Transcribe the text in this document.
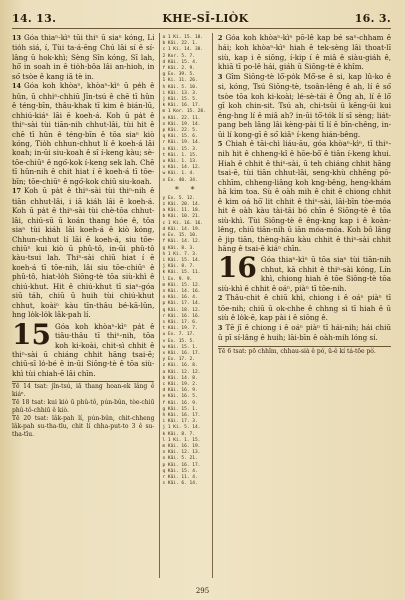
14. 13.	KHE-SĪ-LIÒK	16. 3.

13 Góa thiaⁿ-kìⁿ tūi thiⁿ ū siaⁿ kóng, Lí tio̍h siá, í, Tùi ta-á-ēng Chú lâi sí ê sí-lâng ū hok-khì; Sèng Sîn kóng, Sī lah, hō͘ in soah in ê tio̍h-bôa lâi an-hioh, in só͘ tsòe ê kang iā tè in.

14 Góa koh khòaⁿ, khòaⁿ-kìⁿ ū pe̍h ê hûn, ū chhiⁿ-chhiū Jîn-tsú ê chē tī hûn ê téng-bīn, thâu-khak tī kim ê bián-lū, chhiú-kiáⁿ lāi ē koeh-á. Koh ū pa̍t ê thiⁿ-sài tùi tiān-nih chhut-lâi, tùi hit ê chē tī hûn ê téng-bīn ê tōa siaⁿ kiò kóng, Tio̍h chhun-chhut lí ê koeh-á lâi koah; in-ūi siu-koah ê sî í-keng kàu; sè-tōe-chiūⁿ ê ngó͘-kok í-keng sek lah. Chē tī hûn-nih ê chit hiat í ē koeh-á tī tōe-bīn; tōe-chiūⁿ ê ngó͘-kok chiū siu-koah.

17 Koh ū pa̍t ê thiⁿ-sài tùi thiⁿ-nih ê tiān chhut-lâi, i iā kiáh lâi ē koeh-á. Koh ū pa̍t ê thiⁿ-sài tùi chè-tōa chhut-lâi, chiú-sū ū koán thang hóe ê, tōa siaⁿ tùi kiáh lāi koeh-á ê kiò kóng, Chhun-chhut lí lāi ē koeh-á, siu tōe-chiūⁿ kui kiò ū phû-tô, in-ūi phû-tô kàu-tsui lah. Thiⁿ-sài chiū hiat í ē koeh-á tī tōe-nih, lâi siu tōe-chiūⁿ ê phû-tô, hiat-lo̍h Siōng-tè tōa siù-khì ê chiú-khut. Hit ê chiú-khut tī siaⁿ-góa siū táh, chiū ū huih tùi chiú-khut chhut, koàiⁿ kàu tīn-thâu bé-kā-lūn, hng lo̍k-lo̍k lâk-pah lí.

15 Góa koh khòaⁿ-kìⁿ pa̍t ê tiâu-thâu tī thiⁿ-nih, tōa koh ki-koài, chit-sì chhit ê thiⁿ-sài ū chiáng chhit hāng tsai-ē; chiū-sī lo̍-bé ê in-ūi Siōng-tè ê tōa siù-khì tùi chiah-ē lâi chīn.
Tē 14 tsat: jîn-tsú, iā thang hoan-ek lâng ê kiáⁿ.
Tē 18 tsat: kui kiò ū phû-tô, pún-bûn, tòe-chiū phû-tô-chhiū ê kiò.
Tē 20 tsat: lâk-pah lí, pún-bûn, chit-chheng lâk-pah su-tha-tīu, chit lí chha-put-to 3 ê su-tha-tīu.
a 1 Ki. 15. 18.
b Kāi. 22. 1.
c 1 Ki. 14. 38.
2 Kor. 5. 7.
d Kāi. 15. 4.
f Kāi. 2. 9.
g Ex. 39. 5.
1 Ki. 11. 26.
h Kāi. 5. 10.
i Kāi. 13. 3.
j Kāi. 15. 5.
k Kāi. 16. 17.
m 1 Kor. 15. 28.
n Kāi. 22. 11.
o Kāi. 19. 14.
p Kāi. 22. 5.
q Kāi. 15. 6.
r Kāi. 19. 14.
s Kāi. 15. 3.
t Kāi. 1. 15.
u Kāi. 1. 13.
v Kāi. 14. 12.
w Kāi. 1. 4.
x Ex. 40. 34.
* *
y Ex. 5. 12.
z Kāi. 20. 14.
a Kāi. 11. 18.
b Kāi. 10. 21.
c 1 Ki. 16. 16.
d Kāi. 14. 19.
e Ex. 15. 10.
f Kāi. 14. 12.
g Kāi. 8. 3.
h 1 Ki. 7. 3.
i Kāi. 15. 14.
j Kāi. 8. 7.
k Kāi. 15. 11.
l Ex. 9. 9.
m Kāi. 15. 12.
n Kāi. 14. 16.
o Kāi. 16. 4.
p Kāi. 17. 14.
q Kāi. 18. 12.
r Kāi. 16. 16.
s Kāi. 17. 6.
t Kāi. 19. 7.
u Ex. 7. 17.
v Ex. 15. 5.
w Kāi. 15. 1.
x Kāi. 16. 17.
y Ex. 17. 2.
z Kāi. 16. 8.
a Kāi. 12. 12.
b Kāi. 14. 8.
c Kāi. 19. 2.
d Kāi. 16. 9.
e Kāi. 16. 5.
f Kāi. 16. 9.
g Kāi. 15. 1.
h Kāi. 16. 17.
i Kāi. 17. 3.
j 1 Ki. 5. 14.
k Kāi. 8. 7.
l 1 Ki. 1. 15.
m Kāi. 16. 19.
n Kāi. 12. 13.
o Kāi. 5. 21.
p Kāi. 16. 17.
q Kāi. 15. 4.
r Kāi. 11. 4.
s Kāi. 6. 14.

2 Góa koh khòaⁿ-kìⁿ pō-lê kap bé saⁿ-chham ê hái; koh khòaⁿ-kìⁿ hiah ê tek-sèng lâi thoat-lī siù, kap i ê siōng, í-kip í ê miâ ê siàu-giáh ê, khiā tī po-lê hái, giáh ū Siōng-tè ê khîm.

3 Gîm Siōng-tè lō͘-po̍k Mô͘-se ê si, kap lû-ko ê si, kóng, Tsú Siōng-tè, tsoân-lêng ê ah, lí ê só͘ tsòe tōa koh ki-koài; lé-sè-tái ê Ông ah, lí ê lō͘ gī koh chin-sit. Tsú ah, chi-tsūi ū kēng-ūi kui êng-hng lí ê miâ ah? in-ūi tō͘-tók lí sī sèng; liát-pang beh lâng lâi kèng-pài tī lí ê bīn-chêng, in-ūi lí kong-gī ê só͘ kiâⁿ í-keng hián-bêng.

5 Chiah ê tāi-chì liáu-āu, góa khòaⁿ-kìⁿ, tī thiⁿ-nih hit ê chheng-kî ê hōe-bō͘ ê tiān í-keng khui. Hiah ê chhit ê thiⁿ-sài, ū teh chiáng chhit hāng tsai-ē, tùi tiān chhut-lâi, seng-khù chhēng pō-chhīm, chheng-liâng koh kng-bêng, heng-khám hā kim toa. Sù ê oàh mih ê chit ê chiong chhit ê kim oá hō͘ lit chhit ê thiⁿ-sài, lāi-bīn tòe-móa hit ê oàh kàu tài-tāi bó chīn ê Siōng-tè ê tōa siù-khì. Tùi Siōng-tè ê êng-kng kap i ê koàn-lêng, chiū tiān-nih ū iān móa-móa. Koh bô lâng ē jip tiān, thèng-hāu kàu chhit ê thiⁿ-sài chhit hāng ê tsai-ē kiáⁿ chīn.

16 Góa thiaⁿ-kìⁿ ū tōa siaⁿ tùi tiān-nih chhut, kā chhit ê thiⁿ-sài kóng, Lín khì, chiong hiah ê tōe Siōng-tè tōa siù-khì ê chhit ê oáⁿ, piàⁿ tī tōe-nih.

2 Thâu-chit ê chiū khì, chiong i ê oáⁿ piàⁿ tī tōe-nih; chiū ū ok-chhe ê chhng sì tī hiah ê ū siù ê lo̍k-ē, kap pài i ê siōng ê.

3 Tē jī ê chiong i ê oáⁿ piàⁿ tī hái-nih; hái chiū ū pī sí-lâng ê huih; lāi-bīn ê oàh-mih lóng sí.

Tē 6 tsat: pō chhîm, chhau-sià ê pò͘, ū-ê kí tá-tōe pò͘.
295
